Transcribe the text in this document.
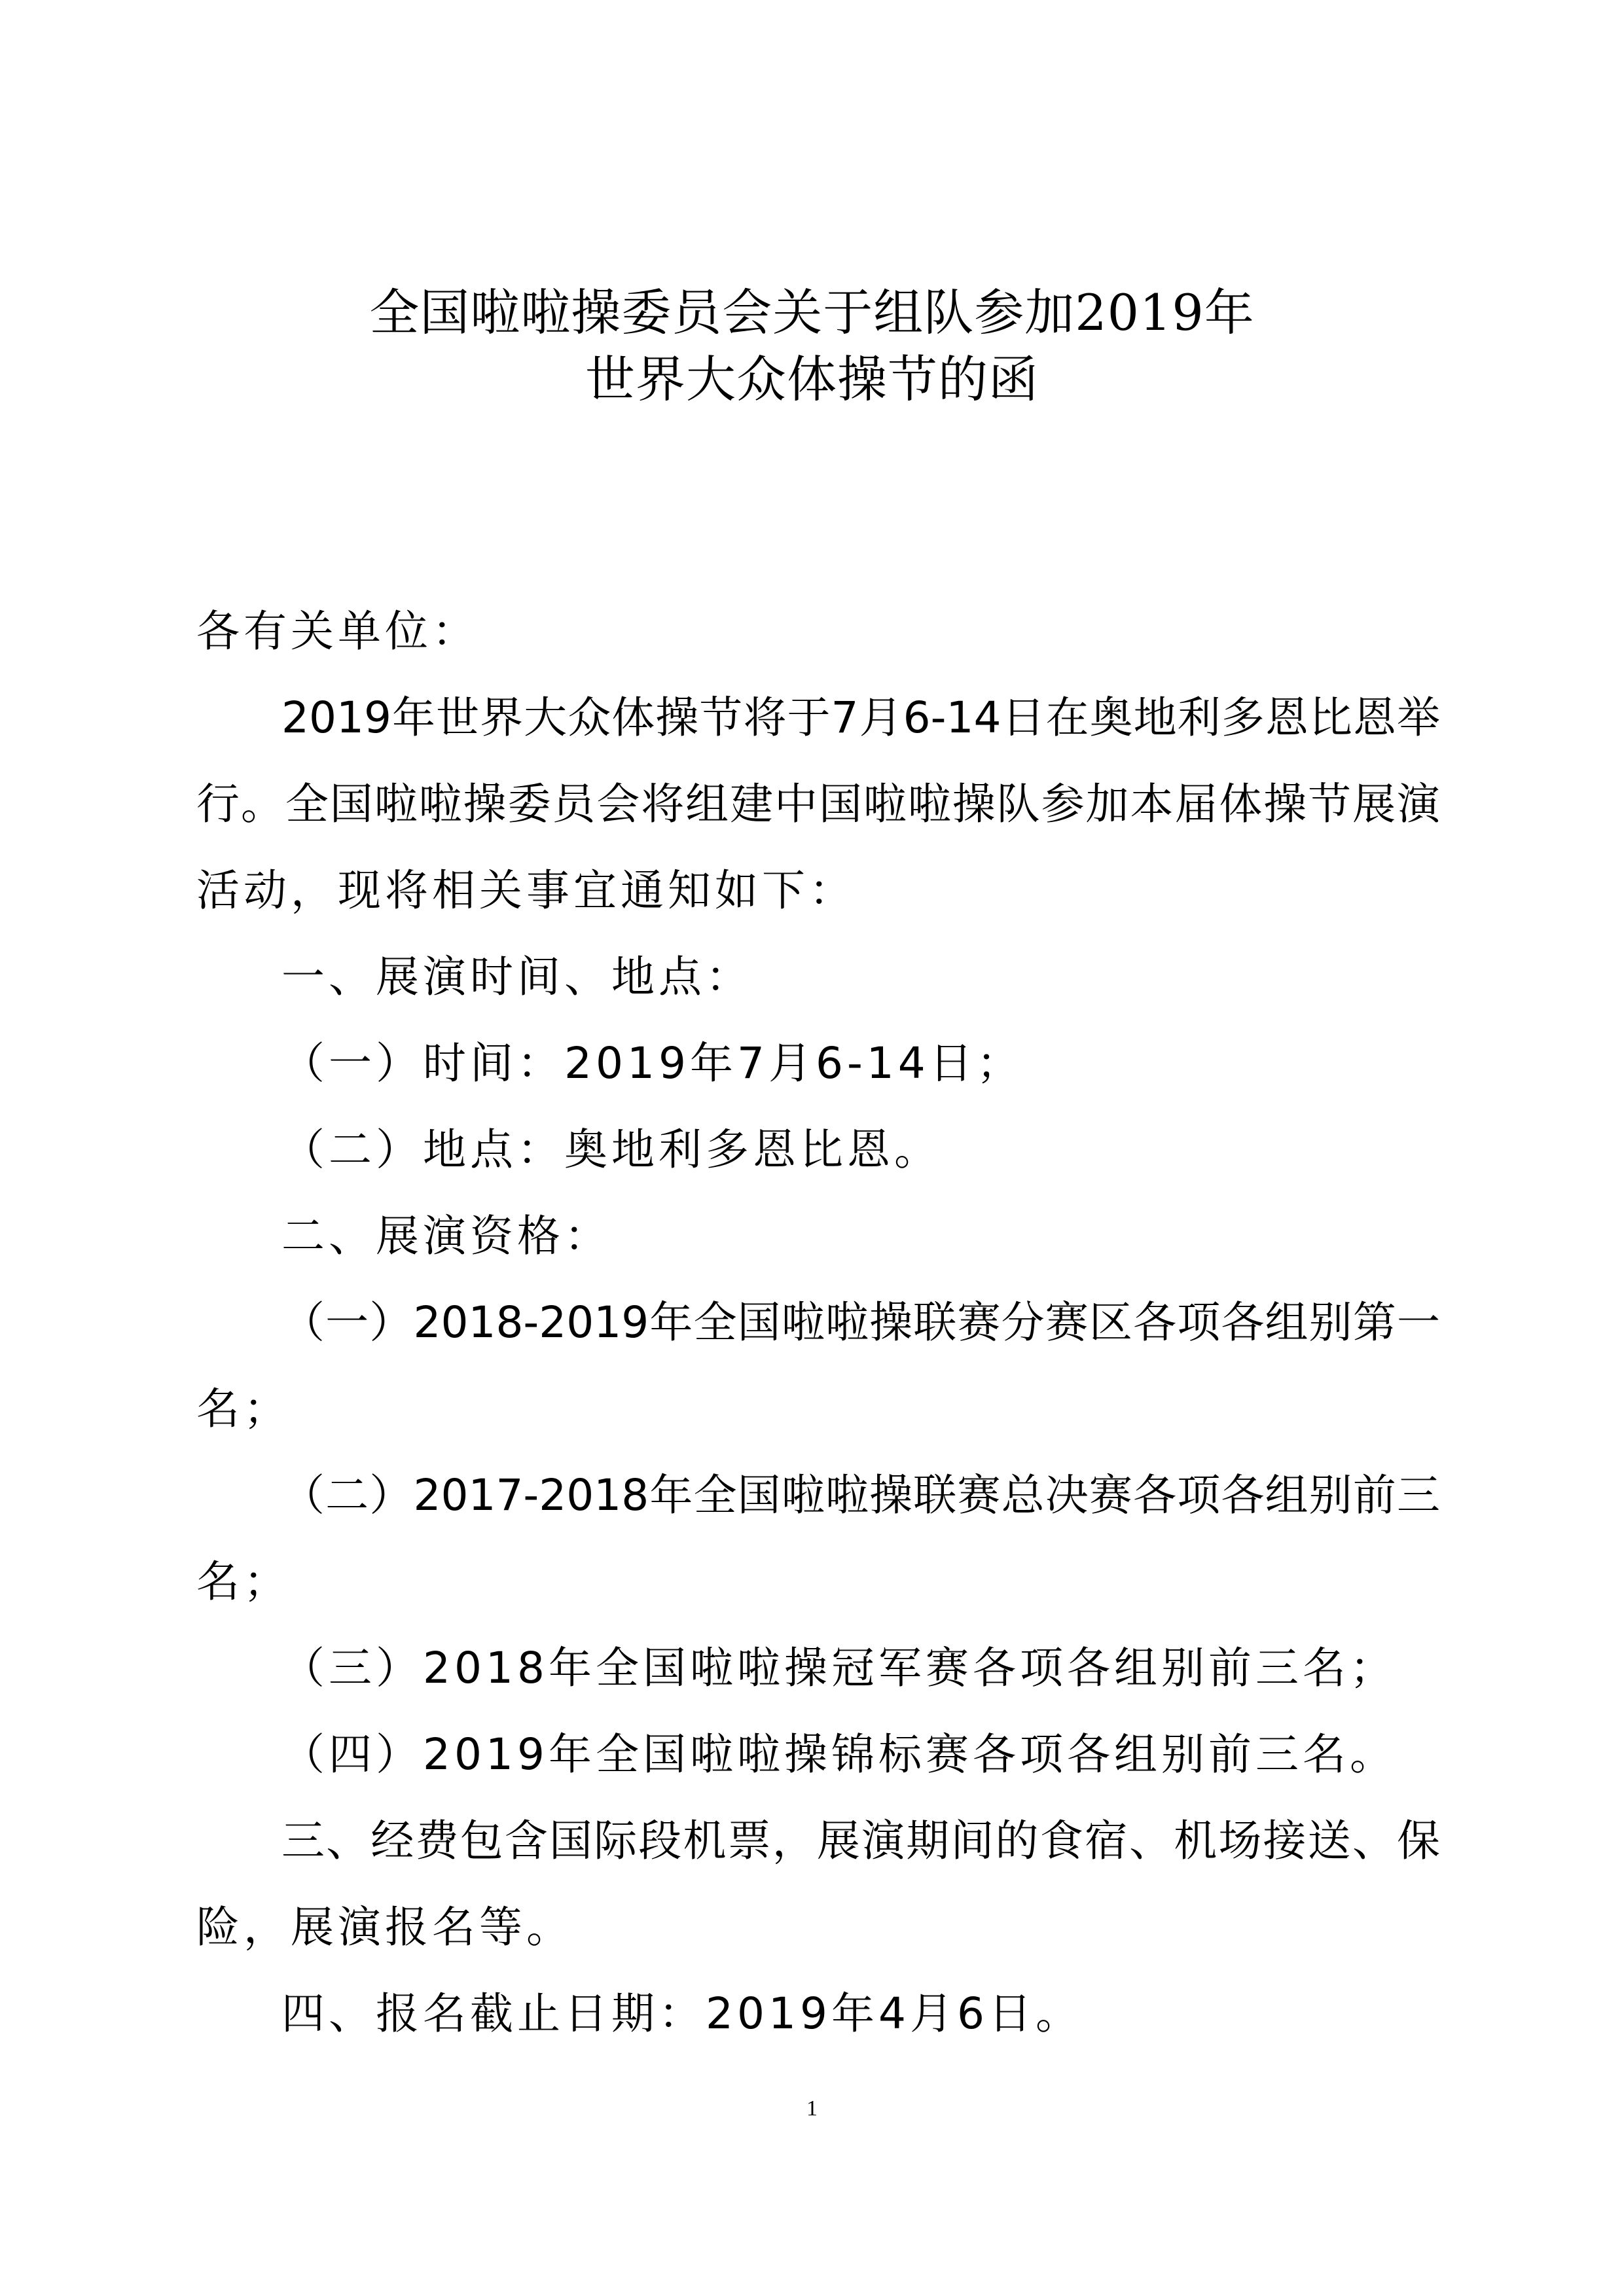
全国啦啦操委员会关于组队参加2019年
世界大众体操节的函
各有关单位：
2019年世界大众体操节将于7月6-14日在奥地利多恩比恩举
行。全国啦啦操委员会将组建中国啦啦操队参加本届体操节展演
活动，现将相关事宜通知如下：
一、展演时间、地点：
（一）时间：2019年7月6-14日；
（二）地点：奥地利多恩比恩。
二、展演资格：
（一）2018-2019年全国啦啦操联赛分赛区各项各组别第一
名；
（二）2017-2018年全国啦啦操联赛总决赛各项各组别前三
名；
（三）2018年全国啦啦操冠军赛各项各组别前三名；
（四）2019年全国啦啦操锦标赛各项各组别前三名。
三、经费包含国际段机票，展演期间的食宿、机场接送、保
险，展演报名等。
四、报名截止日期：2019年4月6日。
1
